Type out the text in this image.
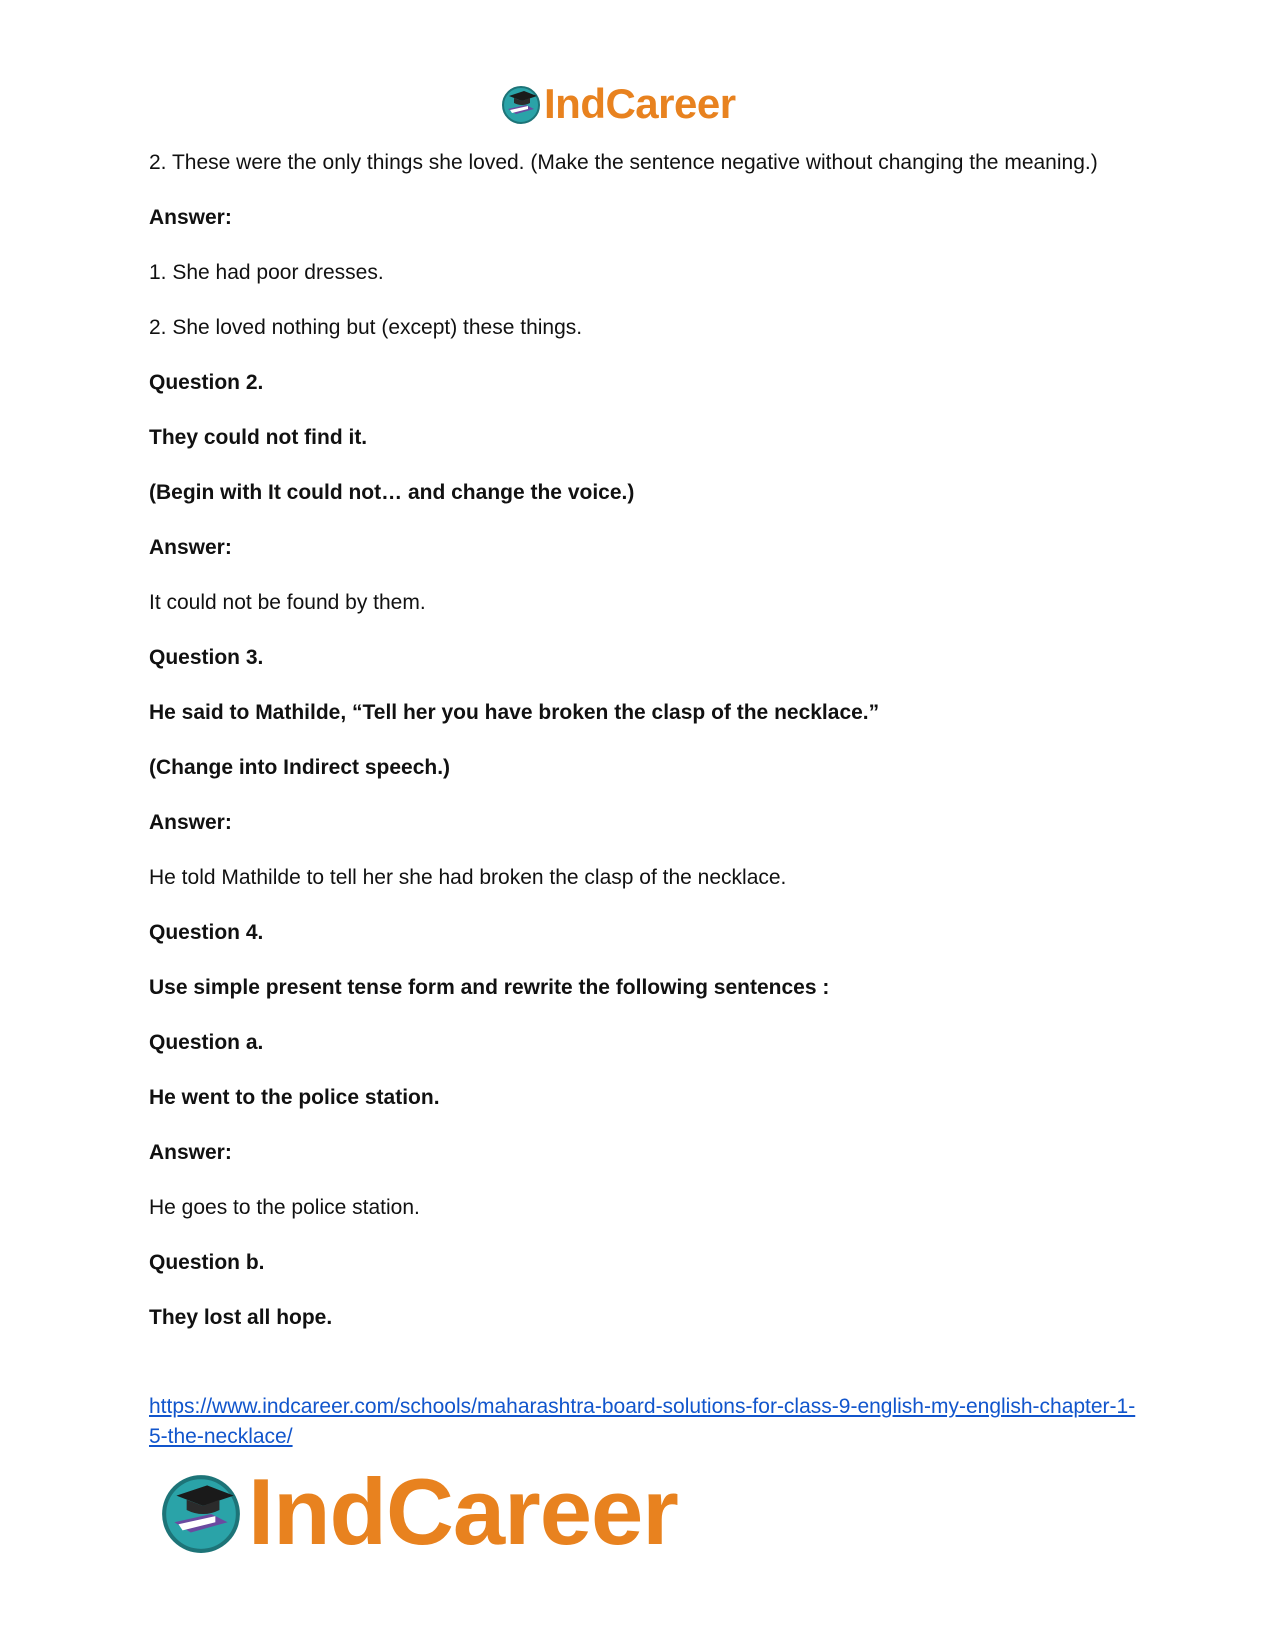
IndCareer

2. These were the only things she loved. (Make the sentence negative without changing the meaning.)

Answer:

1. She had poor dresses.

2. She loved nothing but (except) these things.

Question 2.

They could not find it.

(Begin with It could not… and change the voice.)

Answer:

It could not be found by them.

Question 3.

He said to Mathilde, “Tell her you have broken the clasp of the necklace.”

(Change into Indirect speech.)

Answer:

He told Mathilde to tell her she had broken the clasp of the necklace.

Question 4.

Use simple present tense form and rewrite the following sentences :

Question a.

He went to the police station.

Answer:

He goes to the police station.

Question b.

They lost all hope.

https://www.indcareer.com/schools/maharashtra-board-solutions-for-class-9-english-my-english-chapter-1-5-the-necklace/
IndCareer
